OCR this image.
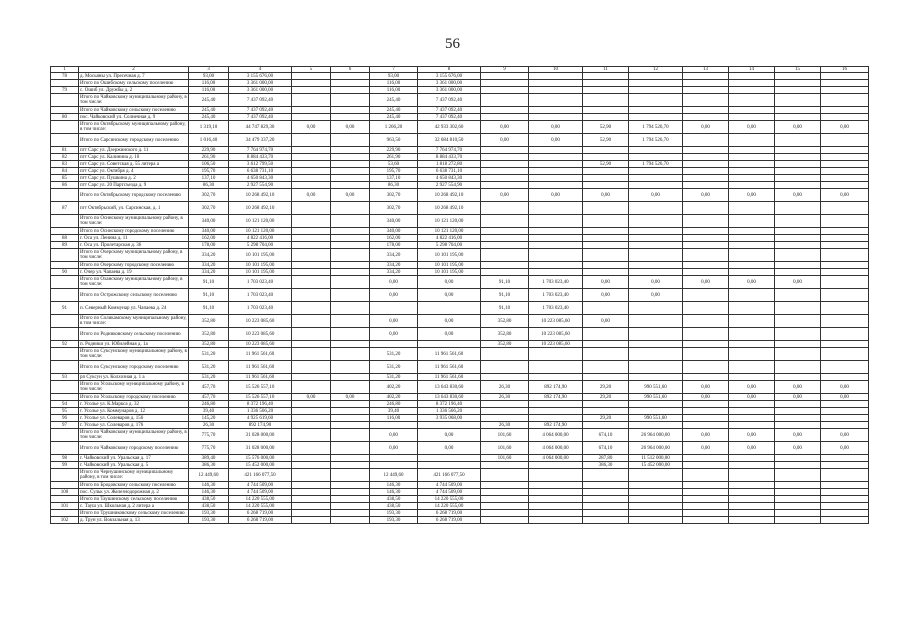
56
1	2	3	4	5	6	7	8	9	10	11	12	13	14	15	16
78	д. Мосьяны ул. Пресечная д. 7	93,00	3 155 676,00			93,00	3 155 676,00								
	Итого по Ошибскому сельскому поселению	116,00	3 361 000,00			116,00	3 361 000,00								
79	с. Ошиб ул. Дружбы д. 2	116,00	3 361 000,00			116,00	3 361 000,00								
	Итого по Чайковскому муниципальному району, в том числе:	245,40	7 437 092,40			245,40	7 437 092,40								
	Итого по Чайковскому сельскому поселению	245,40	7 437 092,40			245,40	7 437 092,40								
80	пос. Чайковский ул. Солнечная д. 9	245,40	7 437 092,40			245,40	7 437 092,40								
	Итого по Октябрьскому муниципальному району, в том числе:	1 319,10	44 747 829,30	0,00	0,00	1 266,20	42 933 302,60	0,00	0,00	52,90	1 794 526,70	0,00	0,00	0,00	0,00
	Итого по Сарсинскому городскому поселению	1 016,40	34 479 337,20			963,50	32 684 810,50	0,00	0,00	52,90	1 794 526,70				
81	пгт Сарс ул. Дзержинского д. 11	229,90	7 764 974,70			229,90	7 764 974,70								
82	пгт Сарс ул. Калинина д. 10	261,90	8 884 433,70			261,90	8 884 433,70								
83	пгт Сарс ул. Советская д. 55 литера а	106,50	3 612 799,50			53,60	1 818 272,80			52,90	1 794 526,70				
84	пгт Сарс ул. Октября д. 4	195,70	6 638 731,10			195,70	6 638 731,10								
85	пгт Сарс ул. Пушкина д. 2	137,10	4 650 843,30			137,10	4 650 843,30								
86	пгт Сарс ул. 20 Партсъезда д. 9	86,30	2 927 554,90			86,30	2 927 554,90								
	Итого по Октябрьскому городскому поселению	302,70	10 268 492,10	0,00	0,00	302,70	10 268 492,10	0,00	0,00	0,00	0,00	0,00	0,00	0,00	0,00
87	пгт Октябрьский, ул. Сарсинская, д. 1	302,70	10 268 492,10			302,70	10 268 492,10								
	Итого по Осинскому муниципальному району, в том числе:	340,00	10 121 120,00			340,00	10 121 120,00								
	Итого по Осинскому городскому поселению	340,00	10 121 120,00			340,00	10 121 120,00								
88	г. Оса ул. Ленина д. 11	162,00	4 822 416,00			162,00	4 822 416,00								
89	г. Оса ул. Пролетарская д. 36	178,00	5 298 704,00			178,00	5 298 704,00								
	Итого по Очерскому муниципальному району, в том числе:	334,20	10 101 195,00			334,20	10 101 195,00								
	Итого по Очерскому городскому поселению	334,20	10 101 195,00			334,20	10 101 195,00								
90	г. Очер ул. Чапаева д. 19	334,20	10 101 195,00			334,20	10 101 195,00								
	Итого по Оханскому муниципальному району, в том числе:	91,10	1 703 023,40			0,00	0,00	91,10	1 703 023,40	0,00	0,00	0,00	0,00	0,00	
	Итого по Острожскому сельскому поселению	91,10	1 703 023,40			0,00	0,00	91,10	1 703 023,40	0,00	0,00				
91	п. Северный Коммунар ул. Чапаева д. 24	91,10	1 703 023,40					91,10	1 703 023,40						
	Итого по Соликамскому муниципальному району, в том числе:	352,80	10 223 085,60			0,00	0,00	352,80	10 223 085,60	0,00					
	Итого по Родниковскому сельскому поселению	352,80	10 223 085,60			0,00	0,00	352,80	10 223 085,60						
92	п. Родники ул. Юбилейная д. 1а	352,80	10 223 085,60					352,80	10 223 085,60						
	Итого по Суксунскому муниципальному району, в том числе:	531,20	11 961 561,60			531,20	11 961 561,60								
	Итого по Суксунскому городскому поселению	531,20	11 961 561,60			531,20	11 961 561,60								
93	рп Суксун ул. Колхозная д. 1 а	531,20	11 961 561,60			531,20	11 961 561,60								
	Итого по Усольскому муниципальному району, в том числе:	457,70	15 526 557,10			402,20	13 643 830,60	26,30	892 174,90	29,20	990 551,60	0,00	0,00	0,00	0,00
	Итого по Усольскому городскому поселению	457,70	15 526 557,10	0,00	0,00	402,20	13 643 830,60	26,30	892 174,90	29,20	990 551,60	0,00	0,00	0,00	0,00
94	г. Усолье ул. К.Маркса д. 32	246,80	8 372 196,40			246,80	8 372 196,40								
95	г. Усолье ул. Коммунаров д. 12	39,40	1 336 566,20			39,40	1 336 566,20								
96	г. Усолье ул. Солеваров д. 156	145,20	4 925 619,60			116,00	3 935 068,00			29,20	990 551,60				
97	г. Усолье ул. Солеваров д. 176	26,30	892 174,90					26,30	892 174,90						
	Итого по Чайковскому муниципальному району, в том числе:	775,70	31 028 000,00			0,00	0,00	101,60	4 064 000,00	674,10	26 964 000,00	0,00	0,00	0,00	0,00
	Итого по Чайковскому городскому поселению	775,70	31 028 000,00			0,00	0,00	101,60	4 064 000,00	674,10	26 964 000,00	0,00	0,00	0,00	0,00
98	г. Чайковский ул. Уральская д. 17	389,40	15 576 000,00					101,60	4 064 000,00	287,80	11 512 000,00				
99	г. Чайковский ул. Уральская д. 5	386,30	15 452 000,00							386,30	15 452 000,00				
	Итого по Чернушинскому муниципальному району, в том числе:	12 449,60	421 166 077,50			12 449,60	421 166 077,50								
	Итого по Бродовскому сельскому поселению	146,30	4 744 509,00			146,30	4 744 509,00								
100	пос. Сульк ул. Железнодорожная д. 2	146,30	4 744 509,00			146,30	4 744 509,00								
	Итого по Таушинскому сельскому поселению	438,50	14 220 555,00			438,50	14 220 555,00								
101	с. Тауш ул. Школьная д. 2 литера а	438,50	14 220 555,00			438,50	14 220 555,00								
	Итого по Трушниковскому сельскому поселению	193,30	6 268 719,00			193,30	6 268 719,00								
102	д. Трун ул. Вокзальная д. 13	193,30	6 268 719,00			193,30	6 268 719,00								
